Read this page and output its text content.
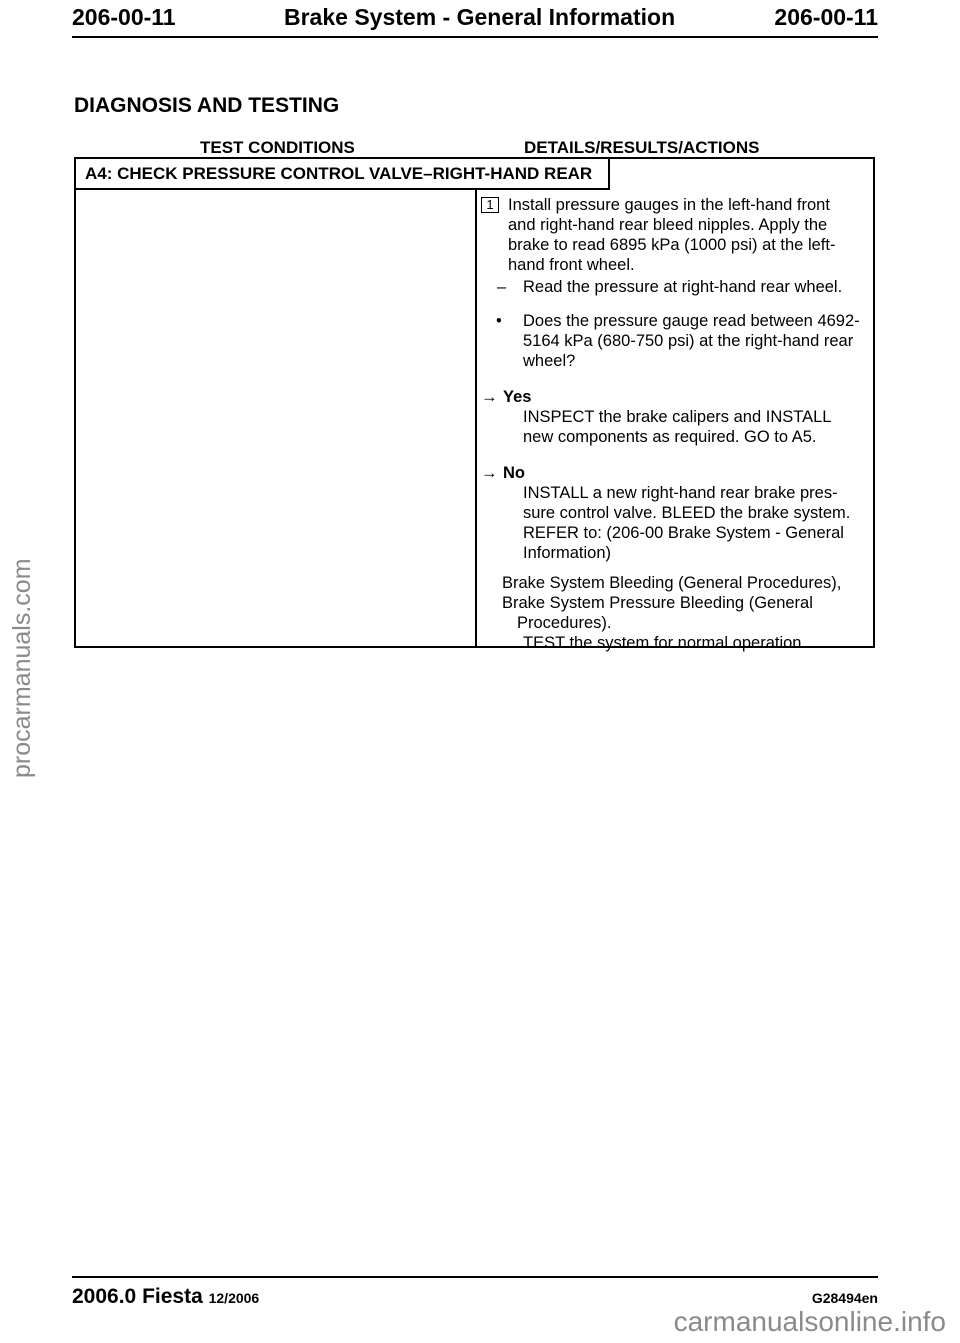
206-00-11	Brake System - General Information	206-00-11
DIAGNOSIS AND TESTING
TEST CONDITIONS	DETAILS/RESULTS/ACTIONS
A4: CHECK PRESSURE CONTROL VALVE–RIGHT-HAND REAR

1 Install pressure gauges in the left-hand front
and right-hand rear bleed nipples. Apply the
brake to read 6895 kPa (1000 psi) at the left-
hand front wheel.

– Read the pressure at right-hand rear wheel.

• Does the pressure gauge read between 4692-
5164 kPa (680-750 psi) at the right-hand rear
wheel?

→ Yes

INSPECT the brake calipers and INSTALL
new components as required. GO to A5.

→ No

INSTALL a new right-hand rear brake pres-
sure control valve. BLEED the brake system.
REFER to: (206-00 Brake System - General
Information)

Brake System Bleeding (General Procedures),

Brake System Pressure Bleeding (General

Procedures).

TEST the system for normal operation.

2006.0 Fiesta 12/2006	G28494en
procarmanuals.com
carmanualsonline.info
